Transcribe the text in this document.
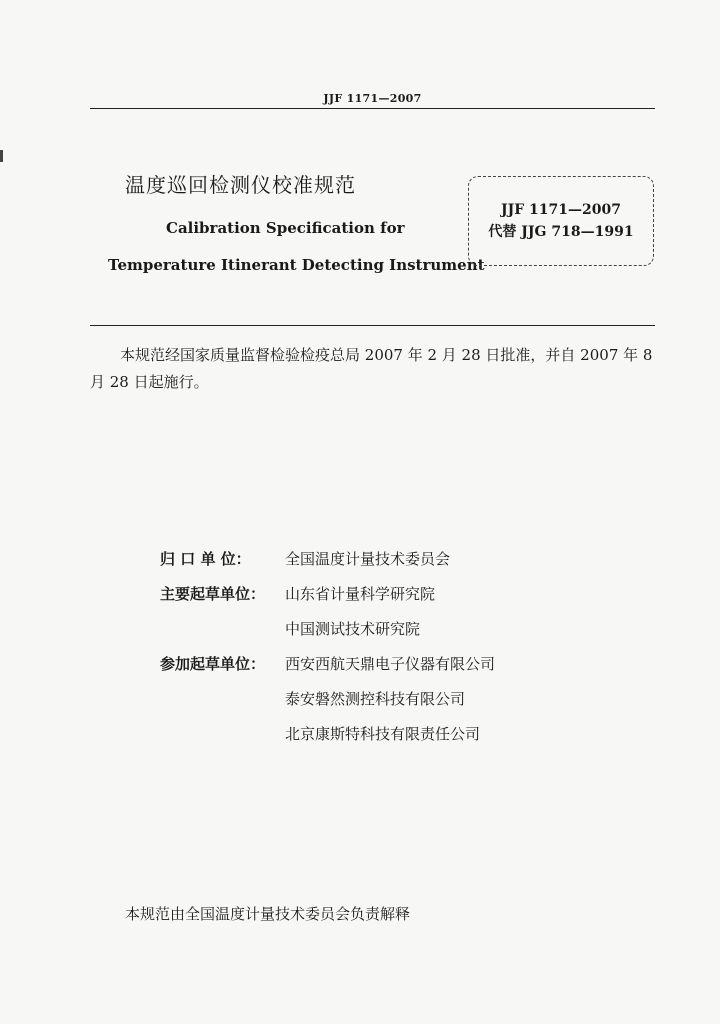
JJF 1171—2007
温度巡回检测仪校准规范
Calibration Specification for
Temperature Itinerant Detecting Instrument
JJF 1171—2007
代替 JJG 718—1991
本规范经国家质量监督检验检疫总局 2007 年 2 月 28 日批准，并自 2007 年 8 月 28 日起施行。
归 口 单 位：	全国温度计量技术委员会
主要起草单位：	山东省计量科学研究院
中国测试技术研究院
参加起草单位：	西安西航天鼎电子仪器有限公司
泰安磐然测控科技有限公司
北京康斯特科技有限责任公司
本规范由全国温度计量技术委员会负责解释
